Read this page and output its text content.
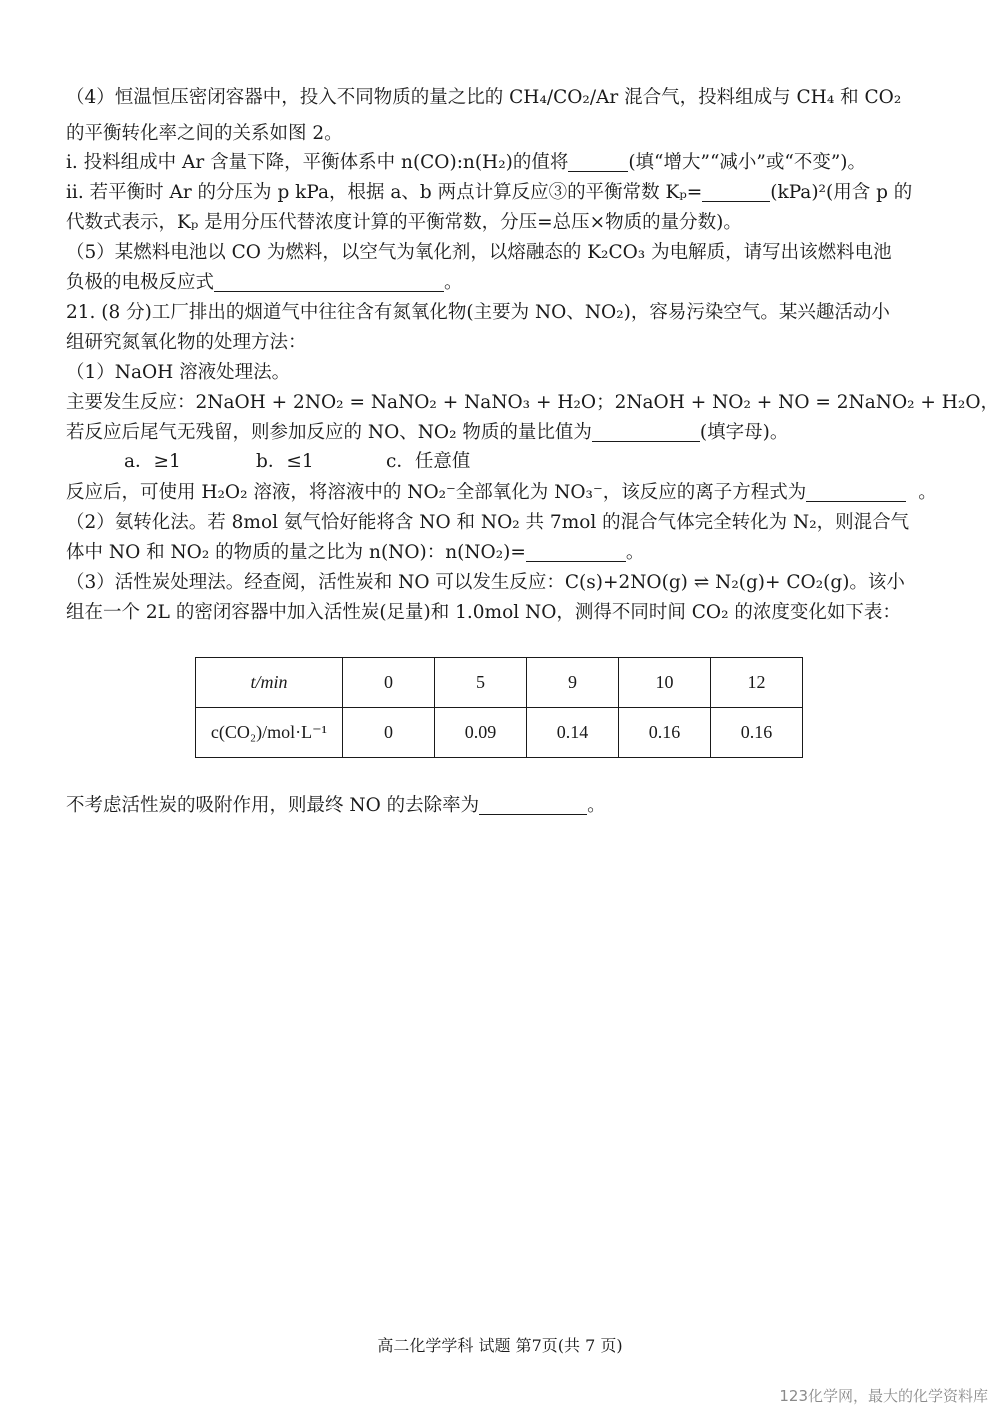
（4）恒温恒压密闭容器中，投入不同物质的量之比的 CH₄/CO₂/Ar 混合气，投料组成与 CH₄ 和 CO₂
的平衡转化率之间的关系如图 2。
i. 投料组成中 Ar 含量下降，平衡体系中 n(CO):n(H₂)的值将	(填“增大”“减小”或“不变”)。
ii. 若平衡时 Ar 的分压为 p kPa，根据 a、b 两点计算反应③的平衡常数 Kₚ=	(kPa)²(用含 p 的
代数式表示，Kₚ 是用分压代替浓度计算的平衡常数，分压=总压×物质的量分数)。
（5）某燃料电池以 CO 为燃料，以空气为氧化剂，以熔融态的 K₂CO₃ 为电解质，请写出该燃料电池
负极的电极反应式	。
21. (8 分)工厂排出的烟道气中往往含有氮氧化物(主要为 NO、NO₂)，容易污染空气。某兴趣活动小
组研究氮氧化物的处理方法：
（1）NaOH 溶液处理法。
主要发生反应：2NaOH + 2NO₂ = NaNO₂ + NaNO₃ + H₂O；2NaOH + NO₂ + NO = 2NaNO₂ + H₂O，
若反应后尾气无残留，则参加反应的 NO、NO₂ 物质的量比值为	(填字母)。
a．≥1	b．≤1	c．任意值
反应后，可使用 H₂O₂ 溶液，将溶液中的 NO₂⁻全部氧化为 NO₃⁻，该反应的离子方程式为	。
（2）氨转化法。若 8mol 氨气恰好能将含 NO 和 NO₂ 共 7mol 的混合气体完全转化为 N₂，则混合气
体中 NO 和 NO₂ 的物质的量之比为 n(NO)：n(NO₂)=	。
（3）活性炭处理法。经查阅，活性炭和 NO 可以发生反应：C(s)+2NO(g) ⇌ N₂(g)+ CO₂(g)。该小
组在一个 2L 的密闭容器中加入活性炭(足量)和 1.0mol NO，测得不同时间 CO₂ 的浓度变化如下表：
t/min	0	5	9	10	12
c(CO₂)/mol·L⁻¹	0	0.09	0.14	0.16	0.16
不考虑活性炭的吸附作用，则最终 NO 的去除率为	。
高二化学学科 试题 第7页(共 7 页)
123化学网，最大的化学资料库
